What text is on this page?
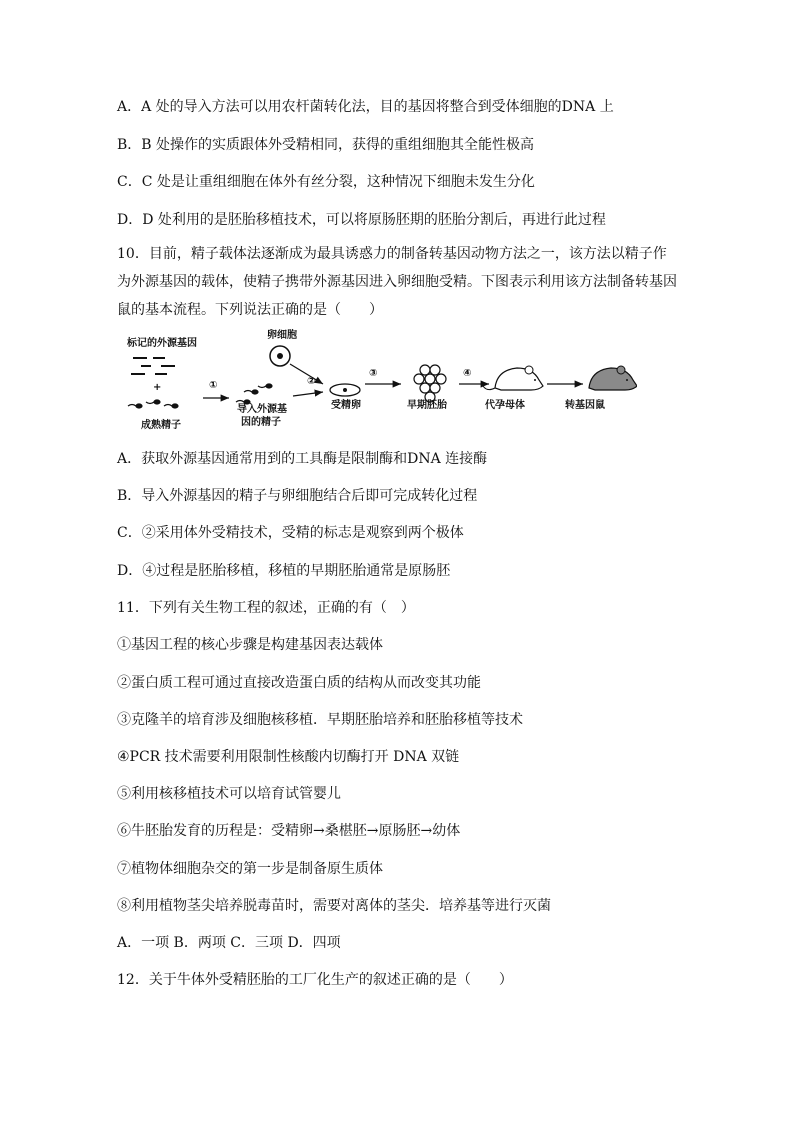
A．A 处的导入方法可以用农杆菌转化法，目的基因将整合到受体细胞的DNA 上
B．B 处操作的实质跟体外受精相同，获得的重组细胞其全能性极高
C．C 处是让重组细胞在体外有丝分裂，这种情况下细胞未发生分化
D．D 处利用的是胚胎移植技术，可以将原肠胚期的胚胎分割后，再进行此过程
10．目前，精子载体法逐渐成为最具诱惑力的制备转基因动物方法之一，该方法以精子作为外源基因的载体，使精子携带外源基因进入卵细胞受精。下图表示利用该方法制备转基因鼠的基本流程。下列说法正确的是（　　）
标记的外源基因
+
成熟精子
①
导入外源基
因的精子
卵细胞
②
受精卵
③
早期胚胎
④
代孕母体	转基因鼠
A．获取外源基因通常用到的工具酶是限制酶和DNA 连接酶
B．导入外源基因的精子与卵细胞结合后即可完成转化过程
C．②采用体外受精技术，受精的标志是观察到两个极体
D．④过程是胚胎移植，移植的早期胚胎通常是原肠胚
11．下列有关生物工程的叙述，正确的有（　）
①基因工程的核心步骤是构建基因表达载体
②蛋白质工程可通过直接改造蛋白质的结构从而改变其功能
③克隆羊的培育涉及细胞核移植．早期胚胎培养和胚胎移植等技术
④PCR 技术需要利用限制性核酸内切酶打开 DNA 双链
⑤利用核移植技术可以培育试管婴儿
⑥牛胚胎发育的历程是：受精卵→桑椹胚→原肠胚→幼体
⑦植物体细胞杂交的第一步是制备原生质体
⑧利用植物茎尖培养脱毒苗时，需要对离体的茎尖．培养基等进行灭菌
A．一项 B．两项 C．三项 D．四项
12．关于牛体外受精胚胎的工厂化生产的叙述正确的是（　　）
